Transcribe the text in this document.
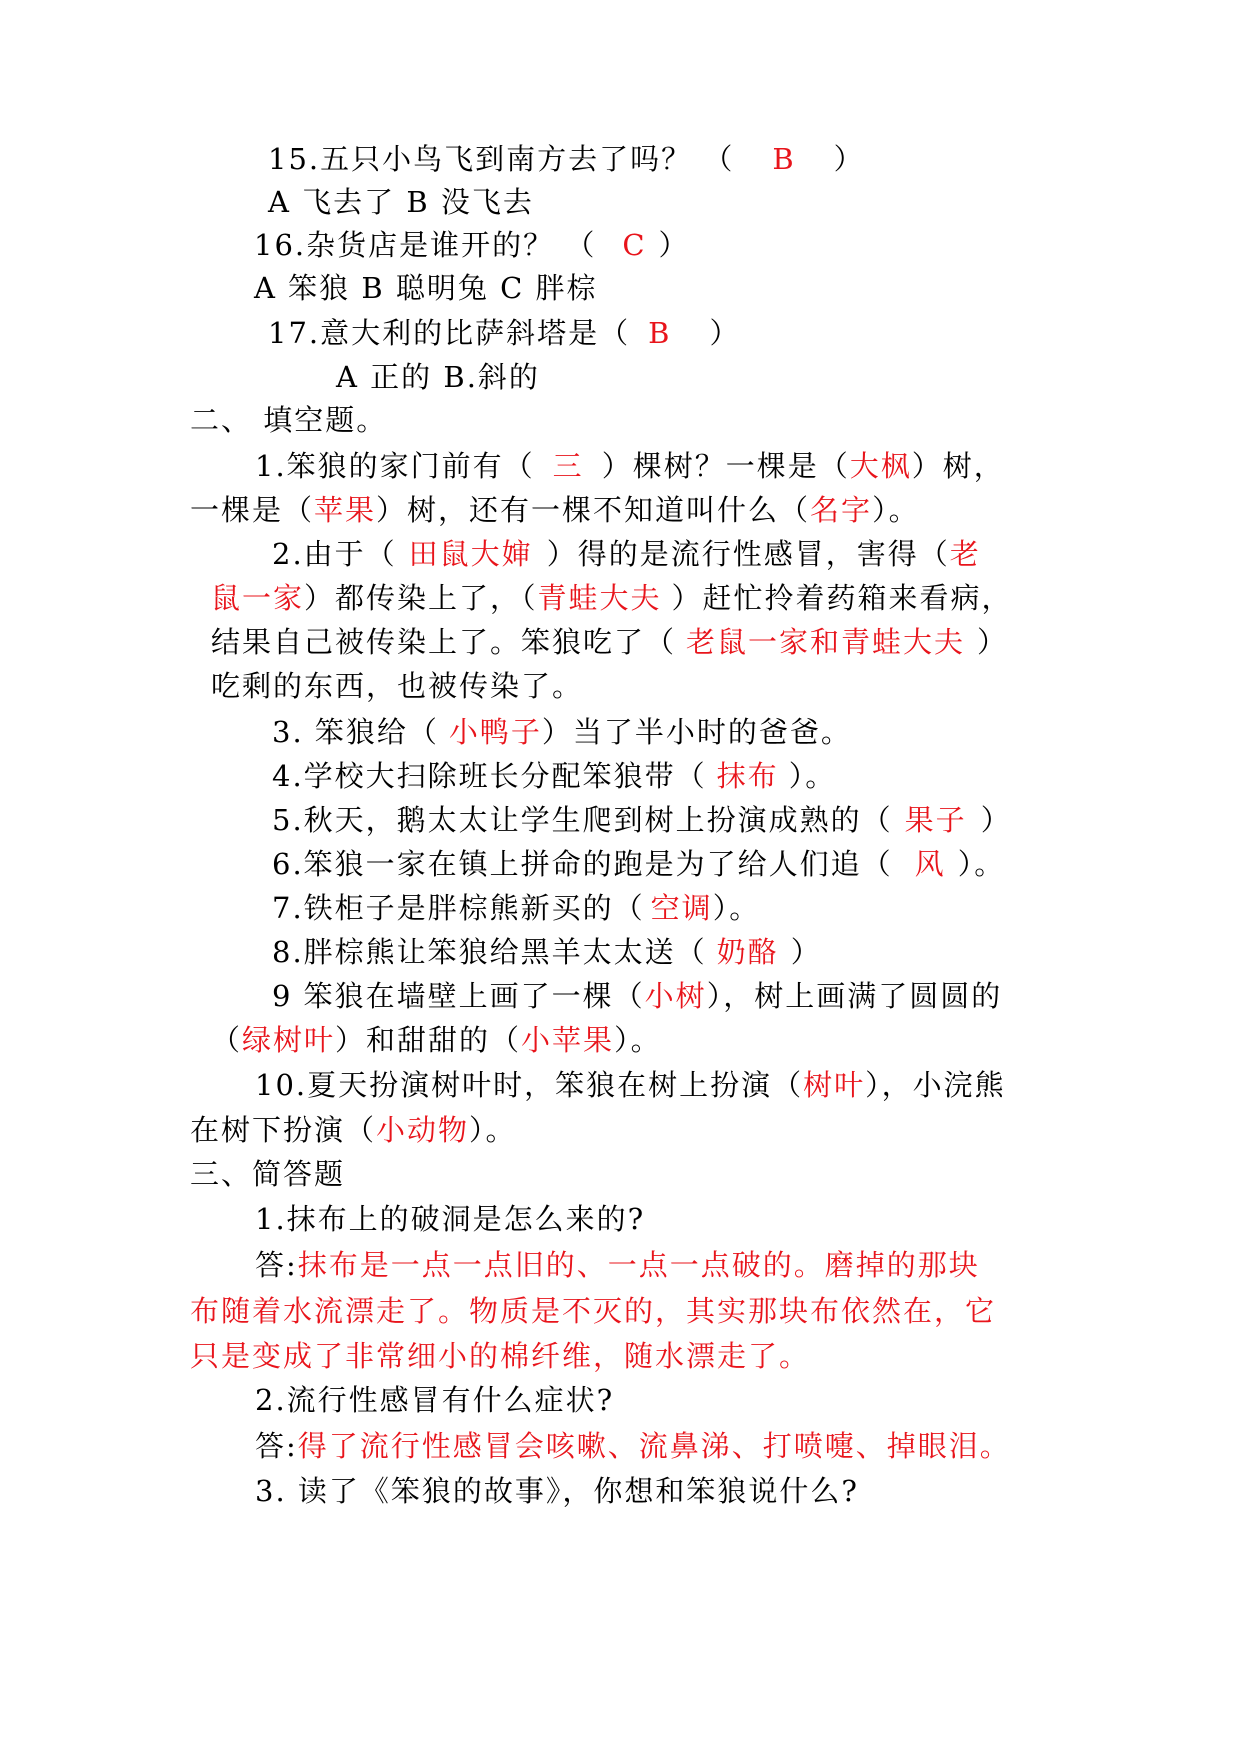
15.五只小鸟飞到南方去了吗？ （ B ）
A 飞去了 B 没飞去
16.杂货店是谁开的？ （ C ）
A 笨狼 B 聪明兔 C 胖棕
17.意大利的比萨斜塔是（ B ）
A 正的 B.斜的
二、 填空题。
1.笨狼的家门前有（ 三 ）棵树？一棵是（大枫）树，
一棵是（苹果）树，还有一棵不知道叫什么（名字）。
2.由于（ 田鼠大婶 ）得的是流行性感冒，害得（老
鼠一家）都传染上了，（青蛙大夫 ）赶忙拎着药箱来看病，
结果自己被传染上了。笨狼吃了（ 老鼠一家和青蛙大夫 ）
吃剩的东西，也被传染了。
3. 笨狼给（ 小鸭子）当了半小时的爸爸。
4.学校大扫除班长分配笨狼带（ 抹布 ）。
5.秋天，鹅太太让学生爬到树上扮演成熟的（ 果子 ）
6.笨狼一家在镇上拼命的跑是为了给人们追（ 风 ）。
7.铁柜子是胖棕熊新买的（ 空调）。
8.胖棕熊让笨狼给黑羊太太送（ 奶酪 ）
9 笨狼在墙壁上画了一棵（小树），树上画满了圆圆的
（绿树叶）和甜甜的（小苹果）。
10.夏天扮演树叶时，笨狼在树上扮演（树叶），小浣熊
在树下扮演（小动物）。
三、简答题
1.抹布上的破洞是怎么来的?
答:抹布是一点一点旧的、一点一点破的。磨掉的那块
布随着水流漂走了。物质是不灭的，其实那块布依然在，它
只是变成了非常细小的棉纤维，随水漂走了。
2.流行性感冒有什么症状?
答:得了流行性感冒会咳嗽、流鼻涕、打喷嚏、掉眼泪。
3. 读了《笨狼的故事》，你想和笨狼说什么?
